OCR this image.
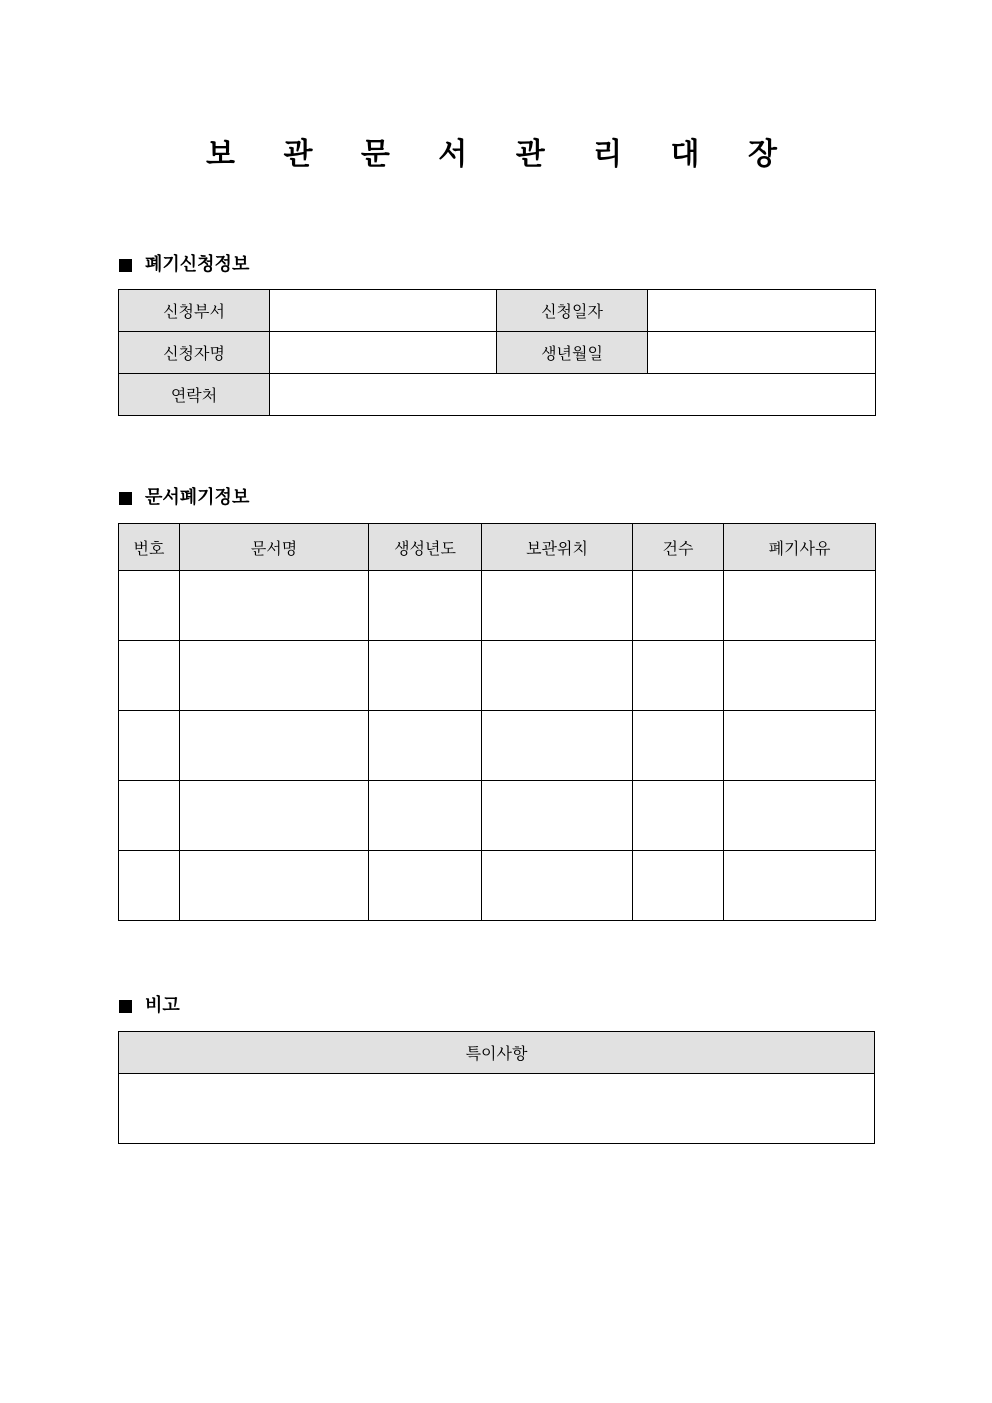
보 관 문 서 관 리 대 장
폐기신청정보
신청부서		신청일자	
신청자명		생년월일	
연락처			
문서폐기정보
번호	문서명	생성년도	보관위치	건수	폐기사유

비고
특이사항
